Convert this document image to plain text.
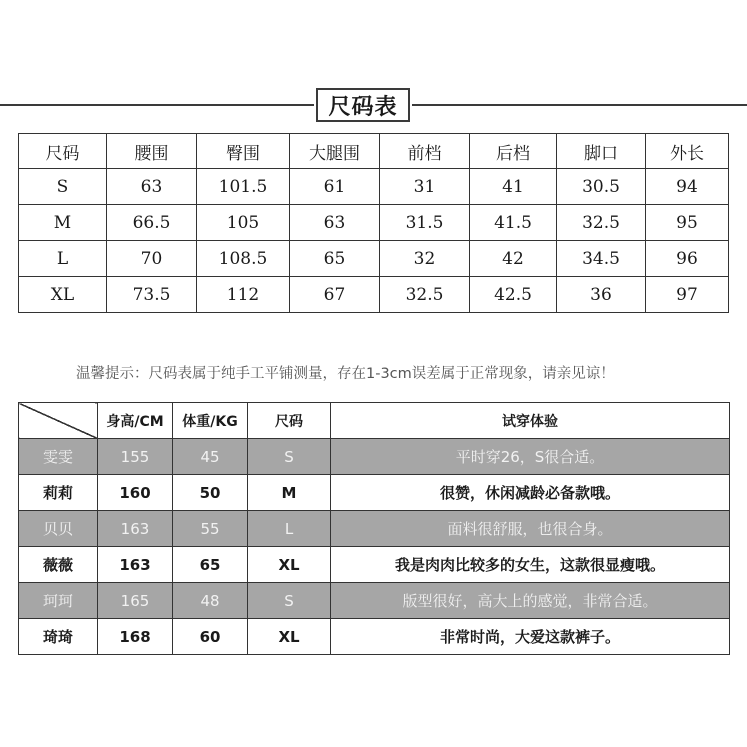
尺码表
尺码	腰围	臀围	大腿围	前档	后档	脚口	外长
S	63	101.5	61	31	41	30.5	94
M	66.5	105	63	31.5	41.5	32.5	95
L	70	108.5	65	32	42	34.5	96
XL	73.5	112	67	32.5	42.5	36	97
温馨提示：尺码表属于纯手工平铺测量，存在1-3cm误差属于正常现象，请亲见谅！
	身高/CM	体重/KG	尺码	试穿体验
雯雯	155	45	S	平时穿26，S很合适。
莉莉	160	50	M	很赞，休闲减龄必备款哦。
贝贝	163	55	L	面料很舒服，也很合身。
薇薇	163	65	XL	我是肉肉比较多的女生，这款很显瘦哦。
珂珂	165	48	S	版型很好，高大上的感觉，非常合适。
琦琦	168	60	XL	非常时尚，大爱这款裤子。
